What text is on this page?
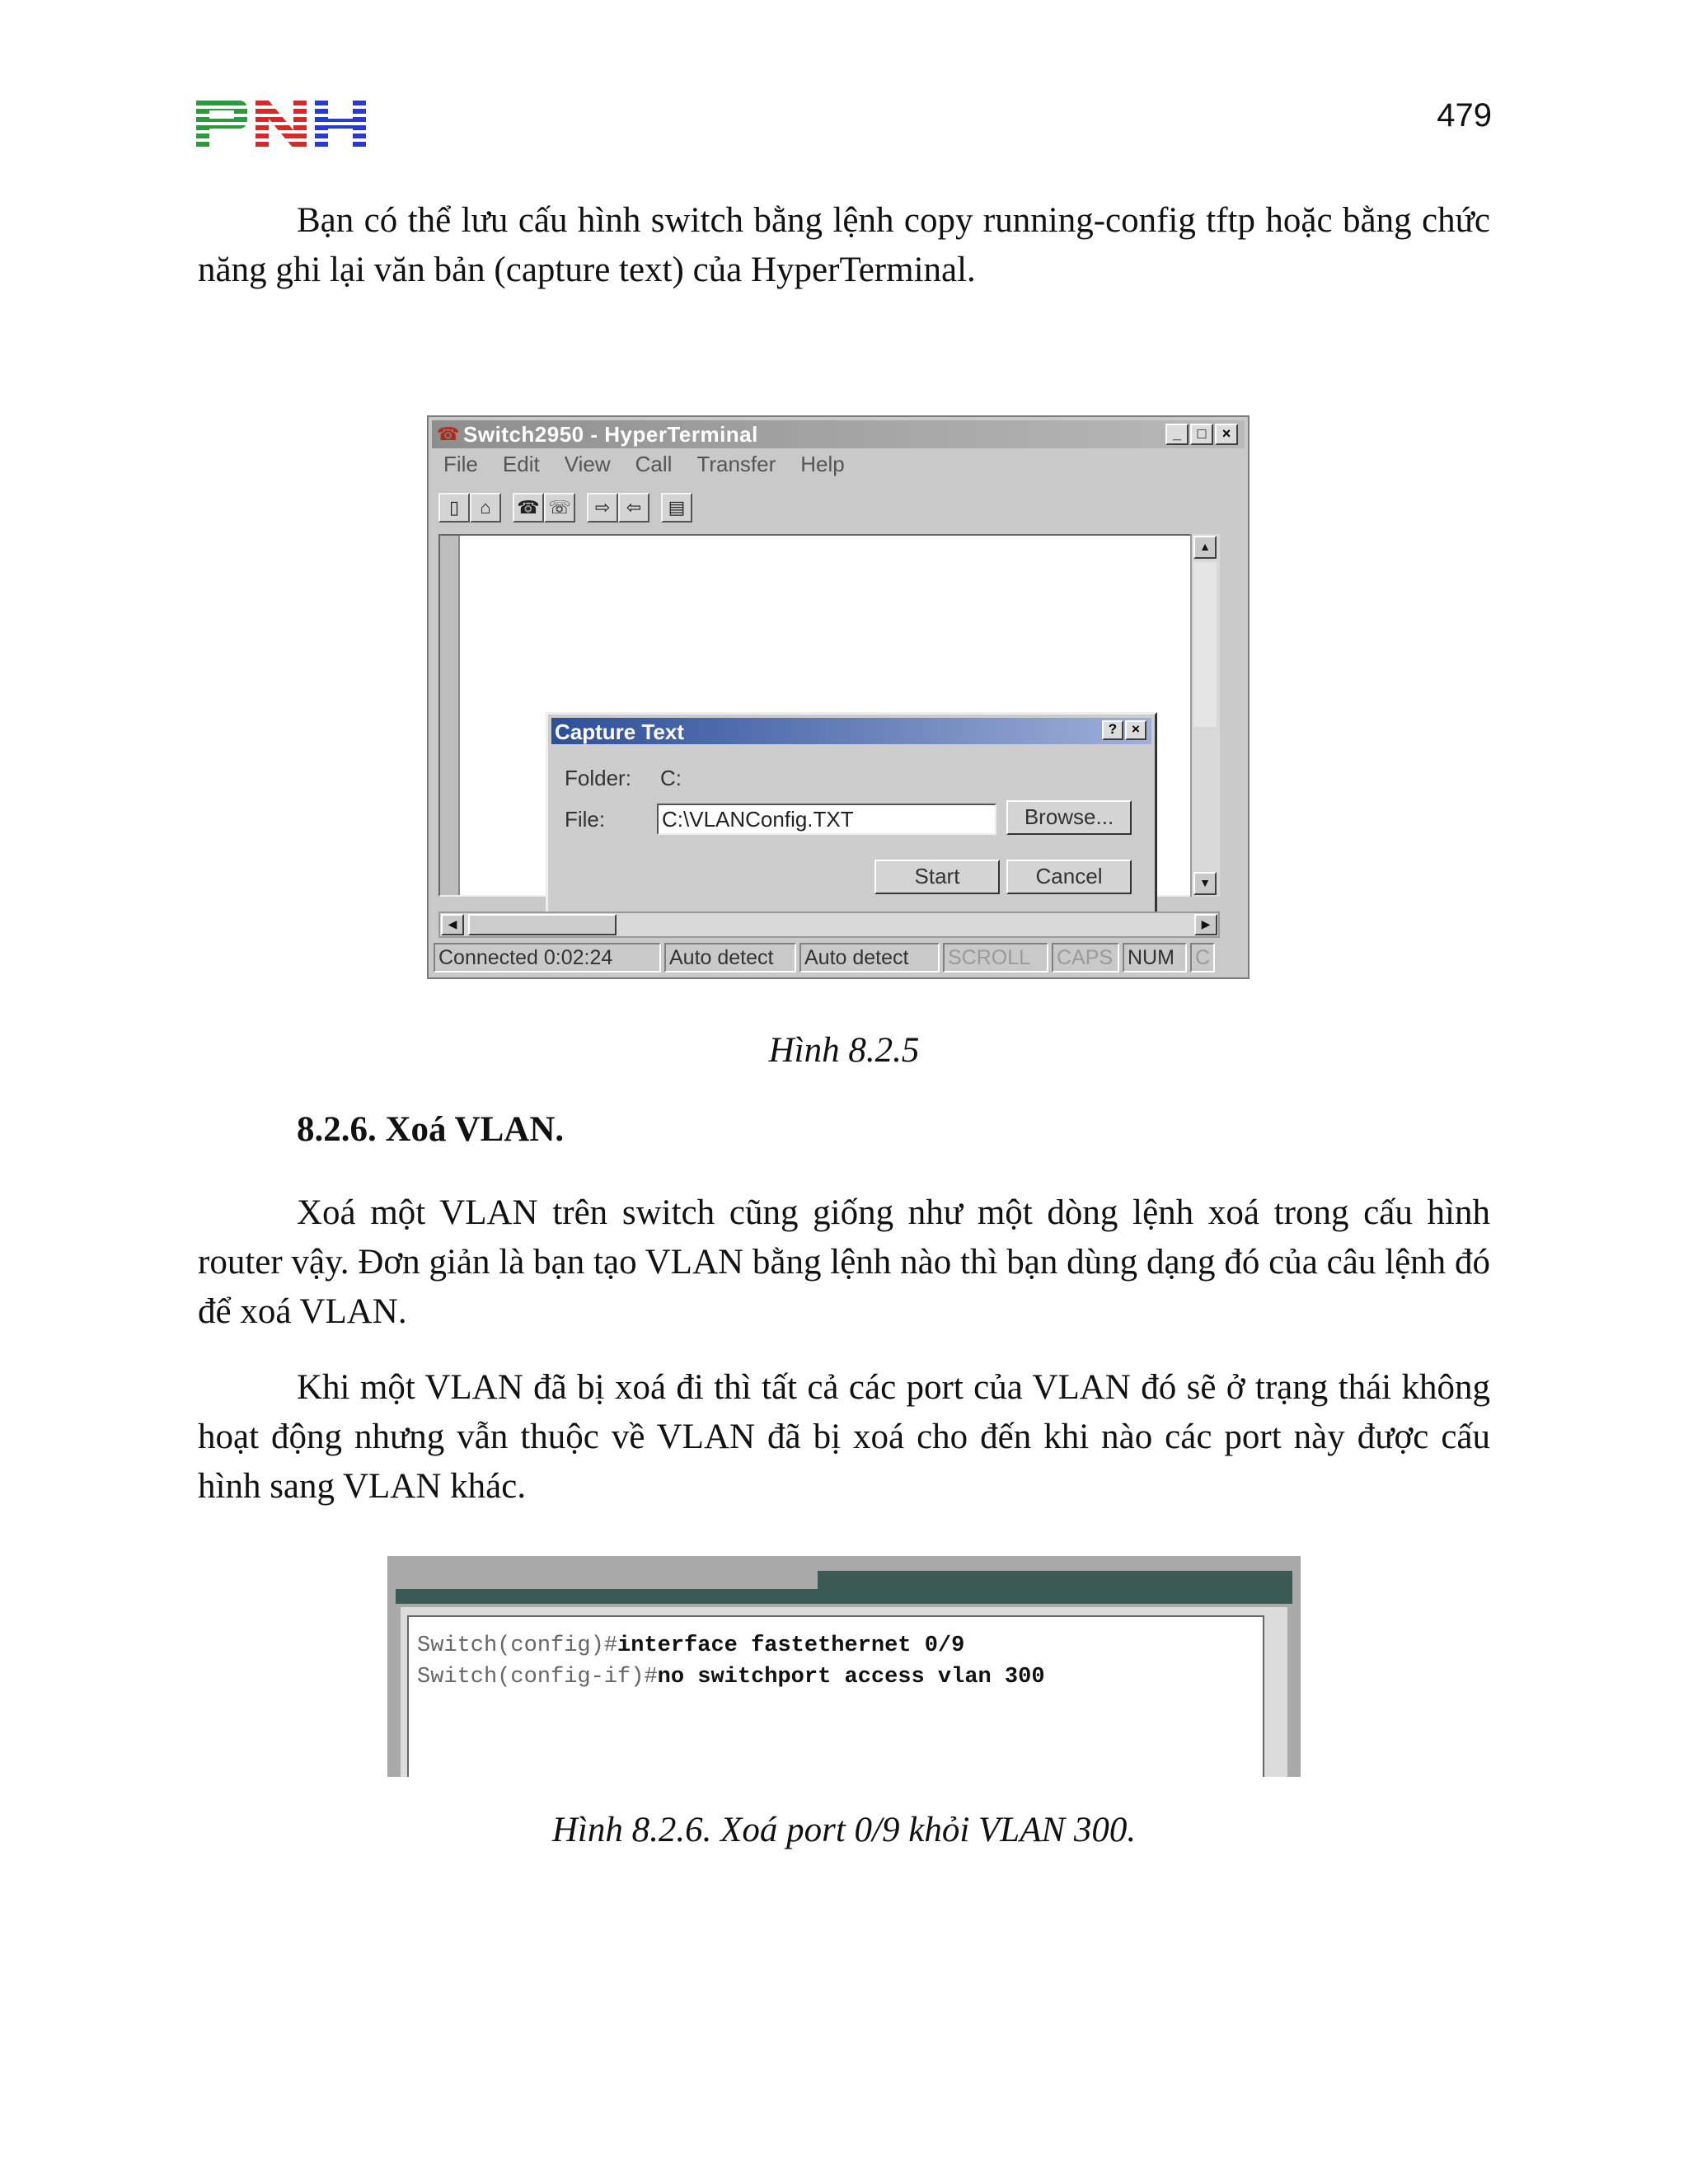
479

Bạn có thể lưu cấu hình switch bằng lệnh copy running-config tftp hoặc bằng chức năng ghi lại văn bản (capture text) của HyperTerminal.

☎ Switch2950 - HyperTerminal	_	□	×
File Edit View Call Transfer Help
▯	⌂	☎ ☏	⇨ ⇦	▤
▲
▼
Capture Text	?	×
Folder: C:
File:	C:\VLANConfig.TXT	Browse...
Start	Cancel
◀	▶
Connected 0:02:24	Auto detect	Auto detect	SCROLL	CAPS NUM	C

Hình 8.2.5

8.2.6. Xoá VLAN.

Xoá một VLAN trên switch cũng giống như một dòng lệnh xoá trong cấu hình router vậy. Đơn giản là bạn tạo VLAN bằng lệnh nào thì bạn dùng dạng đó của câu lệnh đó để xoá VLAN.

Khi một VLAN đã bị xoá đi thì tất cả các port của VLAN đó sẽ ở trạng thái không hoạt động nhưng vẫn thuộc về VLAN đã bị xoá cho đến khi nào các port này được cấu hình sang VLAN khác.

Switch(config)#interface fastethernet 0/9
Switch(config-if)#no switchport access vlan 300

Hình 8.2.6. Xoá port 0/9 khỏi VLAN 300.
